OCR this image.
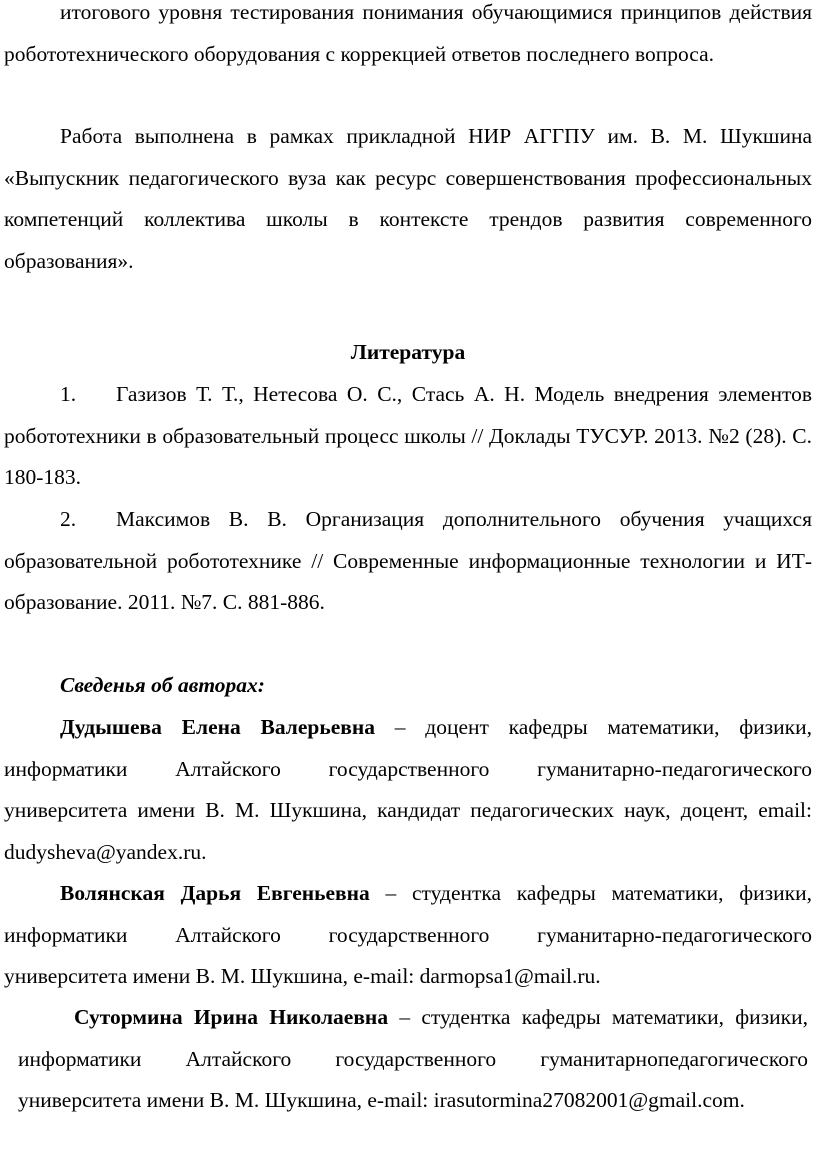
итогового уровня тестирования понимания обучающимися принципов действия робототехнического оборудования с коррекцией ответов последнего вопроса.

Работа выполнена в рамках прикладной НИР АГГПУ им. В. М. Шукшина «Выпускник педагогического вуза как ресурс совершенствования профессиональных компетенций коллектива школы в контексте трендов развития современного образования».

Литература

1. Газизов Т. Т., Нетесова О. С., Стась А. Н. Модель внедрения элементов робототехники в образовательный процесс школы // Доклады ТУСУР. 2013. №2 (28). С. 180-183.

2. Максимов В. В. Организация дополнительного обучения учащихся образовательной робототехнике // Современные информационные технологии и ИТ-образование. 2011. №7. С. 881-886.

Сведенья об авторах:

Дудышева Елена Валерьевна – доцент кафедры математики, физики, информатики Алтайского государственного гуманитарно-педагогического университета имени В. М. Шукшина, кандидат педагогических наук, доцент, email: dudysheva@yandex.ru.

Волянская Дарья Евгеньевна – студентка кафедры математики, физики, информатики Алтайского государственного гуманитарно-педагогического университета имени В. М. Шукшина, e-mail: darmopsa1@mail.ru.

Сутормина Ирина Николаевна – студентка кафедры математики, физики, информатики Алтайского государственного гуманитарнопедагогического университета имени В. М. Шукшина, e-mail: irasutormina27082001@gmail.com.
